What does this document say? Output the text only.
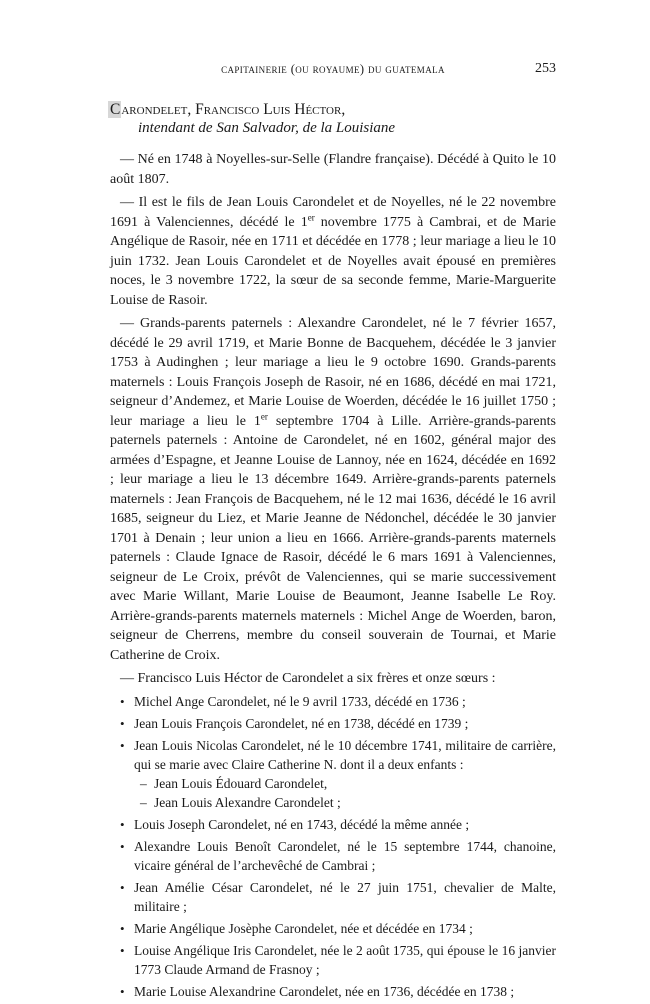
capitainerie (ou royaume) du guatemala	253
Carondelet, Francisco Luis Héctor,
intendant de San Salvador, de la Louisiane

— Né en 1748 à Noyelles-sur-Selle (Flandre française). Décédé à Quito le 10 août 1807.

— Il est le fils de Jean Louis Carondelet et de Noyelles, né le 22 novembre 1691 à Valenciennes, décédé le 1er novembre 1775 à Cambrai, et de Marie Angélique de Rasoir, née en 1711 et décédée en 1778 ; leur mariage a lieu le 10 juin 1732. Jean Louis Carondelet et de Noyelles avait épousé en premières noces, le 3 novembre 1722, la sœur de sa seconde femme, Marie-Marguerite Louise de Rasoir.

— Grands-parents paternels : Alexandre Carondelet, né le 7 février 1657, décédé le 29 avril 1719, et Marie Bonne de Bacquehem, décédée le 3 janvier 1753 à Audinghen ; leur mariage a lieu le 9 octobre 1690. Grands-parents maternels : Louis François Joseph de Rasoir, né en 1686, décédé en mai 1721, seigneur d’Andemez, et Marie Louise de Woerden, décédée le 16 juillet 1750 ; leur mariage a lieu le 1er septembre 1704 à Lille. Arrière-grands-parents paternels paternels : Antoine de Carondelet, né en 1602, général major des armées d’Espagne, et Jeanne Louise de Lannoy, née en 1624, décédée en 1692 ; leur mariage a lieu le 13 décembre 1649. Arrière-grands-parents paternels maternels : Jean François de Bacquehem, né le 12 mai 1636, décédé le 16 avril 1685, seigneur du Liez, et Marie Jeanne de Nédonchel, décédée le 30 janvier 1701 à Denain ; leur union a lieu en 1666. Arrière-grands-parents maternels paternels : Claude Ignace de Rasoir, décédé le 6 mars 1691 à Valenciennes, seigneur de Le Croix, prévôt de Valenciennes, qui se marie successivement avec Marie Willant, Marie Louise de Beaumont, Jeanne Isabelle Le Roy. Arrière-grands-parents maternels maternels : Michel Ange de Woerden, baron, seigneur de Cherrens, membre du conseil souverain de Tournai, et Marie Catherine de Croix.

— Francisco Luis Héctor de Carondelet a six frères et onze sœurs :

• Michel Ange Carondelet, né le 9 avril 1733, décédé en 1736 ;
• Jean Louis François Carondelet, né en 1738, décédé en 1739 ;
• Jean Louis Nicolas Carondelet, né le 10 décembre 1741, militaire de carrière, qui se marie avec Claire Catherine N. dont il a deux enfants :
– Jean Louis Édouard Carondelet,
– Jean Louis Alexandre Carondelet ;
• Louis Joseph Carondelet, né en 1743, décédé la même année ;
• Alexandre Louis Benoît Carondelet, né le 15 septembre 1744, chanoine, vicaire général de l’archevêché de Cambrai ;
• Jean Amélie César Carondelet, né le 27 juin 1751, chevalier de Malte, militaire ;
• Marie Angélique Josèphe Carondelet, née et décédée en 1734 ;
• Louise Angélique Iris Carondelet, née le 2 août 1735, qui épouse le 16 janvier 1773 Claude Armand de Frasnoy ;
• Marie Louise Alexandrine Carondelet, née en 1736, décédée en 1738 ;
